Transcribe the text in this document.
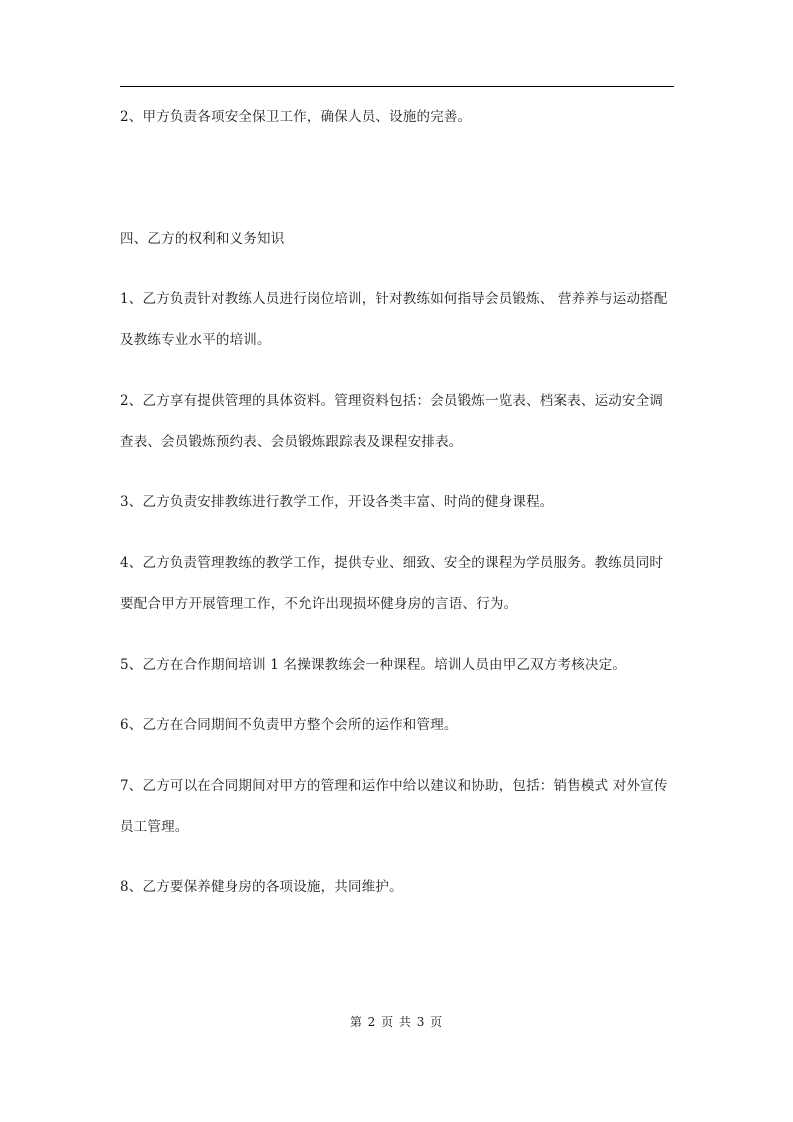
2、甲方负责各项安全保卫工作，确保人员、设施的完善。
四、乙方的权利和义务知识
1、乙方负责针对教练人员进行岗位培训，针对教练如何指导会员锻炼、 营养养与运动搭配
及教练专业水平的培训。
2、乙方享有提供管理的具体资料。管理资料包括：会员锻炼一览表、档案表、运动安全调
查表、会员锻炼预约表、会员锻炼跟踪表及课程安排表。
3、乙方负责安排教练进行教学工作，开设各类丰富、时尚的健身课程。
4、乙方负责管理教练的教学工作，提供专业、细致、安全的课程为学员服务。教练员同时
要配合甲方开展管理工作，不允许出现损坏健身房的言语、行为。
5、乙方在合作期间培训 1 名操课教练会一种课程。培训人员由甲乙双方考核决定。
6、乙方在合同期间不负责甲方整个会所的运作和管理。
7、乙方可以在合同期间对甲方的管理和运作中给以建议和协助，包括：销售模式 对外宣传
员工管理。
8、乙方要保养健身房的各项设施，共同维护。
第 2 页 共 3 页
